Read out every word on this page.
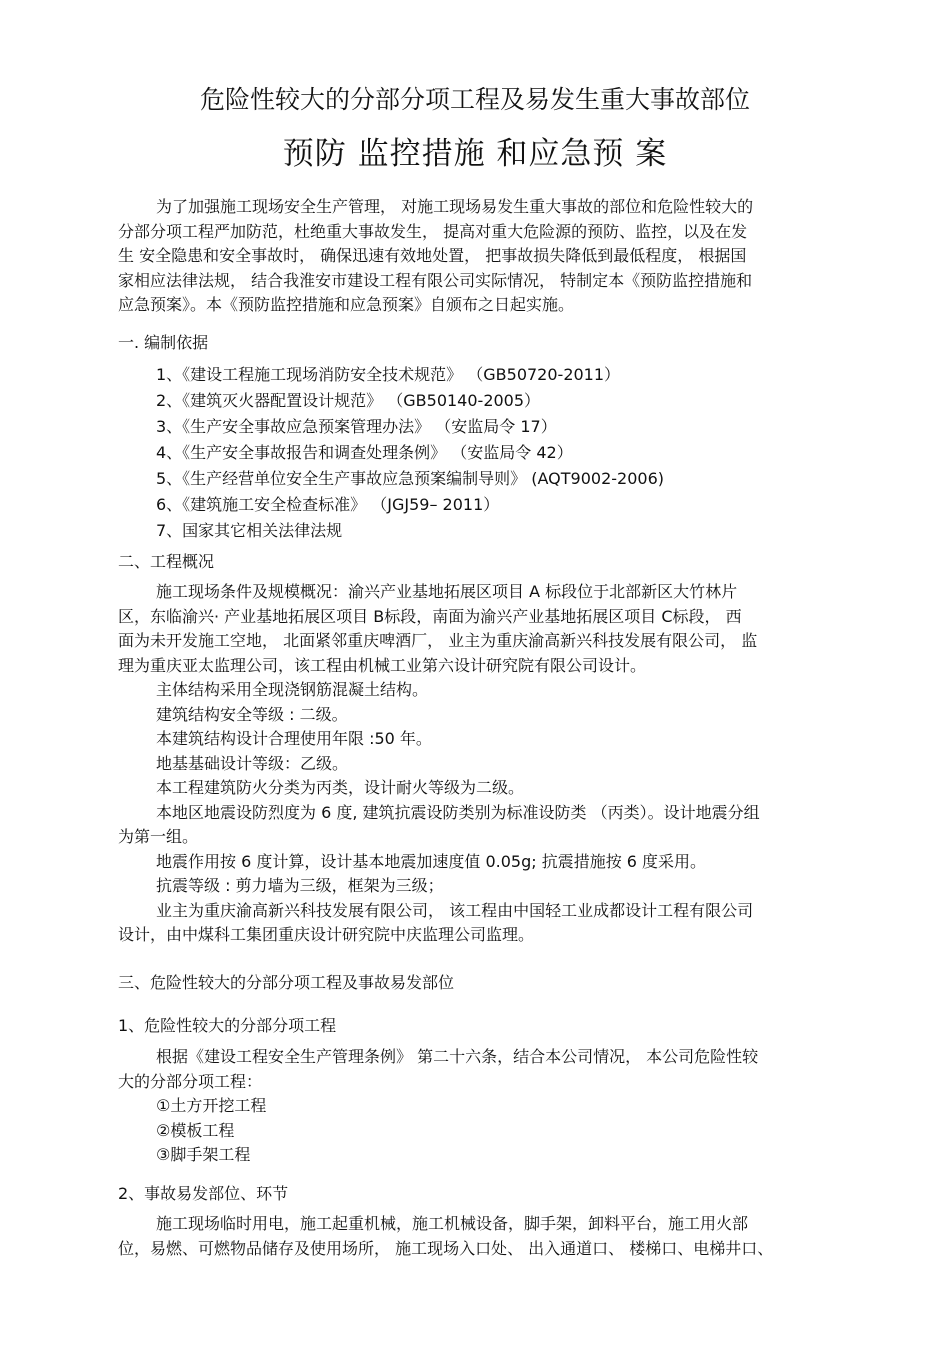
危险性较大的分部分项工程及易发生重大事故部位
预防 监控措施 和应急预 案
为了加强施工现场安全生产管理， 对施工现场易发生重大事故的部位和危险性较大的
分部分项工程严加防范，杜绝重大事故发生， 提高对重大危险源的预防、监控，以及在发
生 安全隐患和安全事故时， 确保迅速有效地处置， 把事故损失降低到最低程度， 根据国
家相应法律法规， 结合我淮安市建设工程有限公司实际情况， 特制定本《预防监控措施和
应急预案》。本《预防监控措施和应急预案》自颁布之日起实施。
一. 编制依据
1、《建设工程施工现场消防安全技术规范》 （GB50720-2011）
2、《建筑灭火器配置设计规范》 （GB50140-2005）
3、《生产安全事故应急预案管理办法》 （安监局令 17）
4、《生产安全事故报告和调查处理条例》 （安监局令 42）
5、《生产经营单位安全生产事故应急预案编制导则》 (AQT9002-2006)
6、《建筑施工安全检查标准》 （JGJ59– 2011）
7、国家其它相关法律法规
二、工程概况
施工现场条件及规模概况：渝兴产业基地拓展区项目 A 标段位于北部新区大竹林片
区，东临渝兴· 产业基地拓展区项目 B标段，南面为渝兴产业基地拓展区项目 C标段， 西
面为未开发施工空地， 北面紧邻重庆啤酒厂， 业主为重庆渝高新兴科技发展有限公司， 监
理为重庆亚太监理公司，该工程由机械工业第六设计研究院有限公司设计。
主体结构采用全现浇钢筋混凝土结构。
建筑结构安全等级 : 二级。
本建筑结构设计合理使用年限 :50 年。
地基基础设计等级：乙级。
本工程建筑防火分类为丙类，设计耐火等级为二级。
本地区地震设防烈度为 6 度, 建筑抗震设防类别为标准设防类 （丙类）。设计地震分组
为第一组。
地震作用按 6 度计算，设计基本地震加速度值 0.05g; 抗震措施按 6 度采用。
抗震等级 : 剪力墙为三级，框架为三级；
业主为重庆渝高新兴科技发展有限公司， 该工程由中国轻工业成都设计工程有限公司
设计，由中煤科工集团重庆设计研究院中庆监理公司监理。
三、危险性较大的分部分项工程及事故易发部位
1、危险性较大的分部分项工程
根据《建设工程安全生产管理条例》 第二十六条，结合本公司情况， 本公司危险性较
大的分部分项工程：
①土方开挖工程
②模板工程
③脚手架工程
2、事故易发部位、环节
施工现场临时用电，施工起重机械，施工机械设备，脚手架，卸料平台，施工用火部
位，易燃、可燃物品储存及使用场所， 施工现场入口处、 出入通道口、 楼梯口、电梯井口、
